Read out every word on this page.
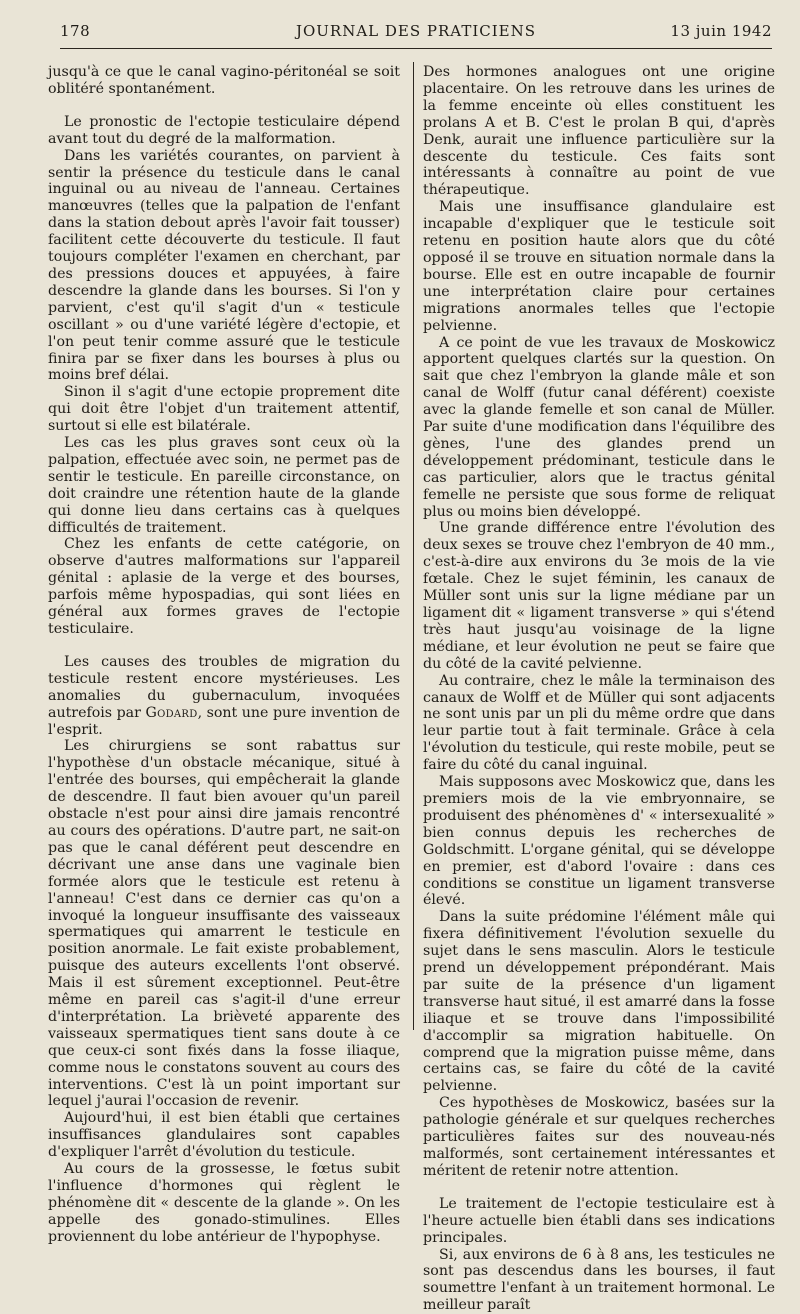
178	JOURNAL DES PRATICIENS	13 juin 1942

jusqu'à ce que le canal vagino-péritonéal se soit oblitéré spontanément.

Le pronostic de l'ectopie testiculaire dépend avant tout du degré de la malformation.

Dans les variétés courantes, on parvient à sentir la présence du testicule dans le canal inguinal ou au niveau de l'anneau. Certaines manœuvres (telles que la palpation de l'enfant dans la station debout après l'avoir fait tousser) facilitent cette découverte du testicule. Il faut toujours compléter l'examen en cherchant, par des pressions douces et appuyées, à faire descendre la glande dans les bourses. Si l'on y parvient, c'est qu'il s'agit d'un « testicule oscillant » ou d'une variété légère d'ectopie, et l'on peut tenir comme assuré que le testicule finira par se fixer dans les bourses à plus ou moins bref délai.

Sinon il s'agit d'une ectopie proprement dite qui doit être l'objet d'un traitement attentif, surtout si elle est bilatérale.

Les cas les plus graves sont ceux où la palpation, effectuée avec soin, ne permet pas de sentir le testicule. En pareille circonstance, on doit craindre une rétention haute de la glande qui donne lieu dans certains cas à quelques difficultés de traitement.

Chez les enfants de cette catégorie, on observe d'autres malformations sur l'appareil génital : aplasie de la verge et des bourses, parfois même hypospadias, qui sont liées en général aux formes graves de l'ectopie testiculaire.

Les causes des troubles de migration du testicule restent encore mystérieuses. Les anomalies du gubernaculum, invoquées autrefois par Godard, sont une pure invention de l'esprit.

Les chirurgiens se sont rabattus sur l'hypothèse d'un obstacle mécanique, situé à l'entrée des bourses, qui empêcherait la glande de descendre. Il faut bien avouer qu'un pareil obstacle n'est pour ainsi dire jamais rencontré au cours des opérations. D'autre part, ne sait-on pas que le canal déférent peut descendre en décrivant une anse dans une vaginale bien formée alors que le testicule est retenu à l'anneau! C'est dans ce dernier cas qu'on a invoqué la longueur insuffisante des vaisseaux spermatiques qui amarrent le testicule en position anormale. Le fait existe probablement, puisque des auteurs excellents l'ont observé. Mais il est sûrement exceptionnel. Peut-être même en pareil cas s'agit-il d'une erreur d'interprétation. La brièveté apparente des vaisseaux spermatiques tient sans doute à ce que ceux-ci sont fixés dans la fosse iliaque, comme nous le constatons souvent au cours des interventions. C'est là un point important sur lequel j'aurai l'occasion de revenir.

Aujourd'hui, il est bien établi que certaines insuffisances glandulaires sont capables d'expliquer l'arrêt d'évolution du testicule.

Au cours de la grossesse, le fœtus subit l'influence d'hormones qui règlent le phénomène dit « descente de la glande ». On les appelle des gonado-stimulines. Elles proviennent du lobe antérieur de l'hypophyse.

Des hormones analogues ont une origine placentaire. On les retrouve dans les urines de la femme enceinte où elles constituent les prolans A et B. C'est le prolan B qui, d'après Denk, aurait une influence particulière sur la descente du testicule. Ces faits sont intéressants à connaître au point de vue thérapeutique.

Mais une insuffisance glandulaire est incapable d'expliquer que le testicule soit retenu en position haute alors que du côté opposé il se trouve en situation normale dans la bourse. Elle est en outre incapable de fournir une interprétation claire pour certaines migrations anormales telles que l'ectopie pelvienne.

A ce point de vue les travaux de Moskowicz apportent quelques clartés sur la question. On sait que chez l'embryon la glande mâle et son canal de Wolff (futur canal déférent) coexiste avec la glande femelle et son canal de Müller. Par suite d'une modification dans l'équilibre des gènes, l'une des glandes prend un développement prédominant, testicule dans le cas particulier, alors que le tractus génital femelle ne persiste que sous forme de reliquat plus ou moins bien développé.

Une grande différence entre l'évolution des deux sexes se trouve chez l'embryon de 40 mm., c'est-à-dire aux environs du 3e mois de la vie fœtale. Chez le sujet féminin, les canaux de Müller sont unis sur la ligne médiane par un ligament dit « ligament transverse » qui s'étend très haut jusqu'au voisinage de la ligne médiane, et leur évolution ne peut se faire que du côté de la cavité pelvienne.

Au contraire, chez le mâle la terminaison des canaux de Wolff et de Müller qui sont adjacents ne sont unis par un pli du même ordre que dans leur partie tout à fait terminale. Grâce à cela l'évolution du testicule, qui reste mobile, peut se faire du côté du canal inguinal.

Mais supposons avec Moskowicz que, dans les premiers mois de la vie embryonnaire, se produisent des phénomènes d' « intersexualité » bien connus depuis les recherches de Goldschmitt. L'organe génital, qui se développe en premier, est d'abord l'ovaire : dans ces conditions se constitue un ligament transverse élevé.

Dans la suite prédomine l'élément mâle qui fixera définitivement l'évolution sexuelle du sujet dans le sens masculin. Alors le testicule prend un développement prépondérant. Mais par suite de la présence d'un ligament transverse haut situé, il est amarré dans la fosse iliaque et se trouve dans l'impossibilité d'accomplir sa migration habituelle. On comprend que la migration puisse même, dans certains cas, se faire du côté de la cavité pelvienne.

Ces hypothèses de Moskowicz, basées sur la pathologie générale et sur quelques recherches particulières faites sur des nouveau-nés malformés, sont certainement intéressantes et méritent de retenir notre attention.

Le traitement de l'ectopie testiculaire est à l'heure actuelle bien établi dans ses indications principales.

Si, aux environs de 6 à 8 ans, les testicules ne sont pas descendus dans les bourses, il faut soumettre l'enfant à un traitement hormonal. Le meilleur paraît
